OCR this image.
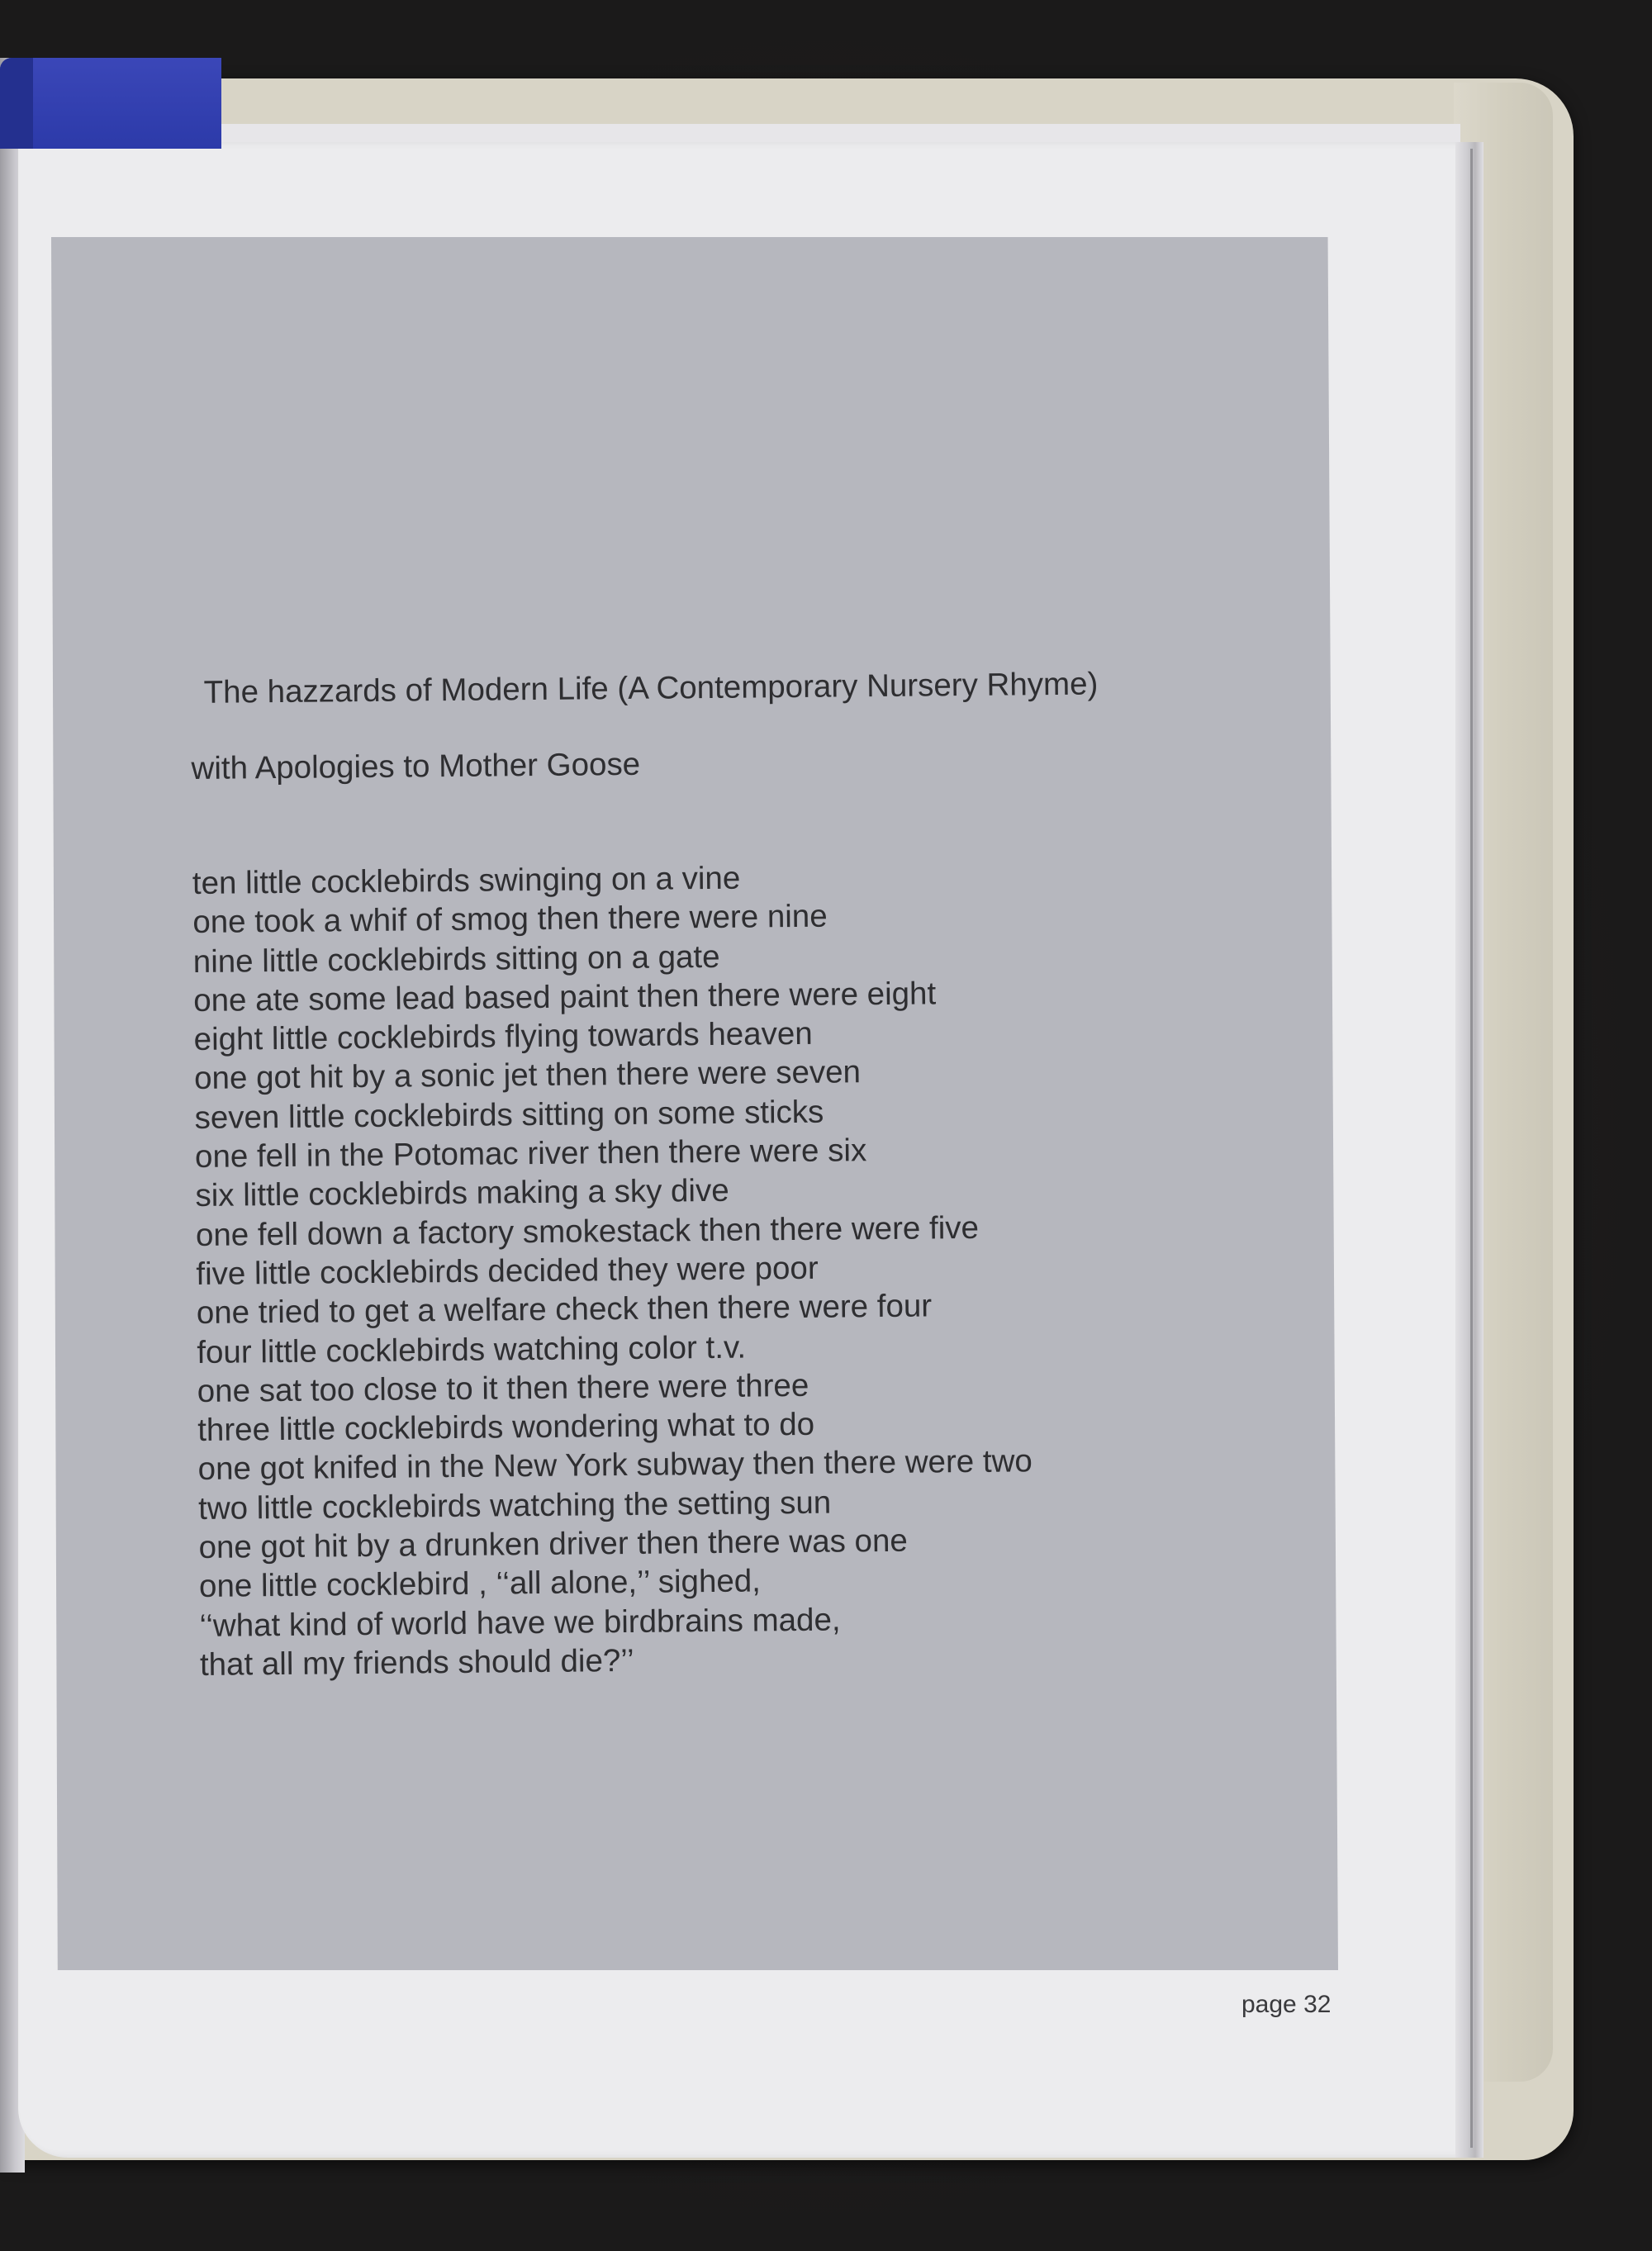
The hazzards of Modern Life (A Contemporary Nursery Rhyme)

with Apologies to Mother Goose

ten little cocklebirds swinging on a vine
one took a whif of smog then there were nine
nine little cocklebirds sitting on a gate
one ate some lead based paint then there were eight
eight little cocklebirds flying towards heaven
one got hit by a sonic jet then there were seven
seven little cocklebirds sitting on some sticks
one fell in the Potomac river then there were six
six little cocklebirds making a sky dive
one fell down a factory smokestack then there were five
five little cocklebirds decided they were poor
one tried to get a welfare check then there were four
four little cocklebirds watching color t.v.
one sat too close to it then there were three
three little cocklebirds wondering what to do
one got knifed in the New York subway then there were two
two little cocklebirds watching the setting sun
one got hit by a drunken driver then there was one
one little cocklebird , ‘‘all alone,’’ sighed,
‘‘what kind of world have we birdbrains made,
that all my friends should die?’’
page 32
